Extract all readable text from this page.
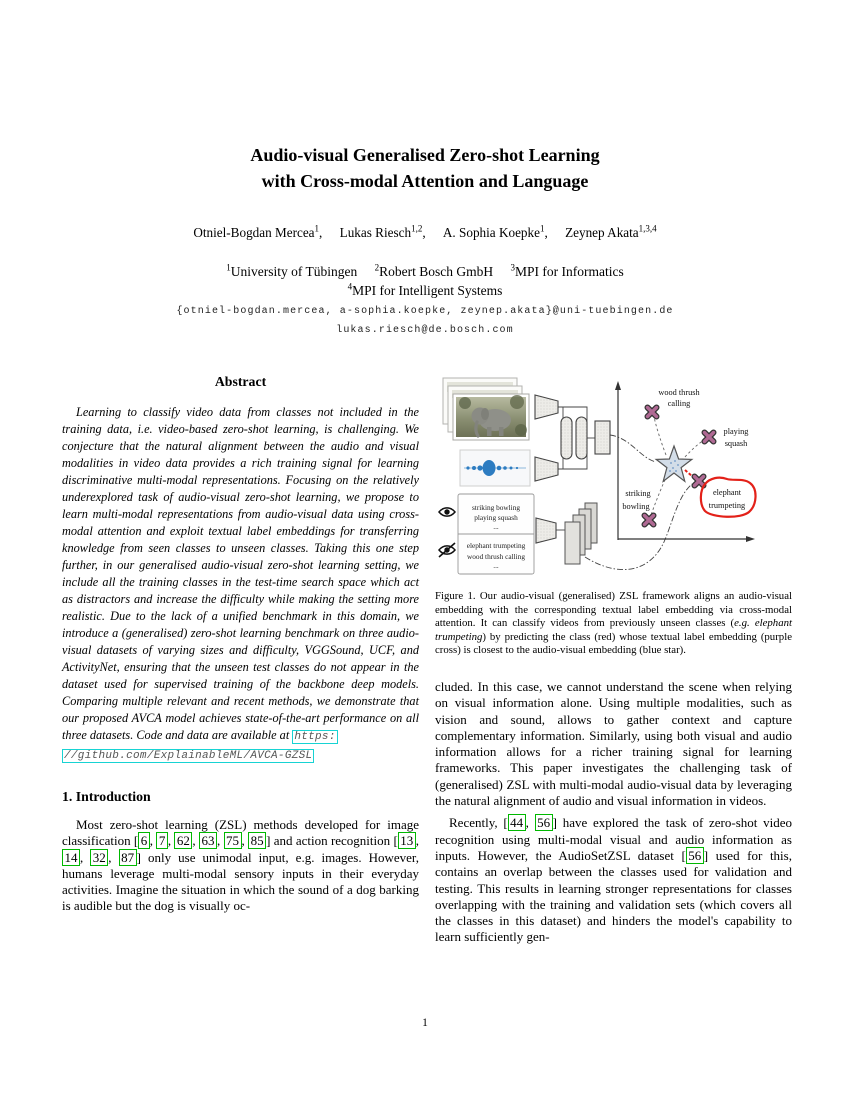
Audio-visual Generalised Zero-shot Learning
with Cross-modal Attention and Language
Otniel-Bogdan Mercea$^1$, Lukas Riesch$^{1,2}$, A. Sophia Koepke$^1$, Zeynep Akata$^{1,3,4}$
$^1$University of Tübingen $^2$Robert Bosch GmbH $^3$MPI for Informatics
$^4$MPI for Intelligent Systems
{otniel-bogdan.mercea, a-sophia.koepke, zeynep.akata}@uni-tuebingen.de
lukas.riesch@de.bosch.com
Abstract
Learning to classify video data from classes not included in the training data, i.e. video-based zero-shot learning, is challenging. We conjecture that the natural alignment between the audio and visual modalities in video data provides a rich training signal for learning discriminative multi-modal representations. Focusing on the relatively underexplored task of audio-visual zero-shot learning, we propose to learn multi-modal representations from audio-visual data using cross-modal attention and exploit textual label embeddings for transferring knowledge from seen classes to unseen classes. Taking this one step further, in our generalised audio-visual zero-shot learning setting, we include all the training classes in the test-time search space which act as distractors and increase the difficulty while making the setting more realistic. Due to the lack of a unified benchmark in this domain, we introduce a (generalised) zero-shot learning benchmark on three audio-visual datasets of varying sizes and difficulty, VGGSound, UCF, and ActivityNet, ensuring that the unseen test classes do not appear in the dataset used for supervised training of the backbone deep models. Comparing multiple relevant and recent methods, we demonstrate that our proposed AVCA model achieves state-of-the-art performance on all three datasets. Code and data are available at https:
//github.com/ExplainableML/AVCA-GZSL
1. Introduction
Most zero-shot learning (ZSL) methods developed for image classification [ 6 , 7 , 62 , 63 , 75 , 85 ] and action recognition [ 13 , 14 , 32 , 87 ] only use unimodal input, e.g. images. However, humans leverage multi-modal sensory inputs in their everyday activities. Imagine the situation in which the sound of a dog barking is audible but the dog is visually oc-
striking bowling
playing squash
...
elephant trumpeting
...
wood thrush calling
wood thrush
calling
playing
squash
striking
bowling
elephant
trumpeting
Figure 1. Our audio-visual (generalised) ZSL framework aligns an audio-visual embedding with the corresponding textual label embedding via cross-modal attention. It can classify videos from previously unseen classes (e.g. elephant trumpeting) by predicting the class (red) whose textual label embedding (purple cross) is closest to the audio-visual embedding (blue star).
cluded. In this case, we cannot understand the scene when relying on visual information alone. Using multiple modalities, such as vision and sound, allows to gather context and capture complementary information. Similarly, using both visual and audio information allows for a richer training signal for learning frameworks. This paper investigates the challenging task of (generalised) ZSL with multi-modal audio-visual data by leveraging the natural alignment of audio and visual information in videos.
Recently, [ 44 , 56 ] have explored the task of zero-shot video recognition using multi-modal visual and audio information as inputs. However, the AudioSetZSL dataset [ 56 ] used for this, contains an overlap between the classes used for validation and testing. This results in learning stronger representations for classes overlapping with the training and validation sets (which covers all the classes in this dataset) and hinders the model's capability to learn sufficiently gen-
1
